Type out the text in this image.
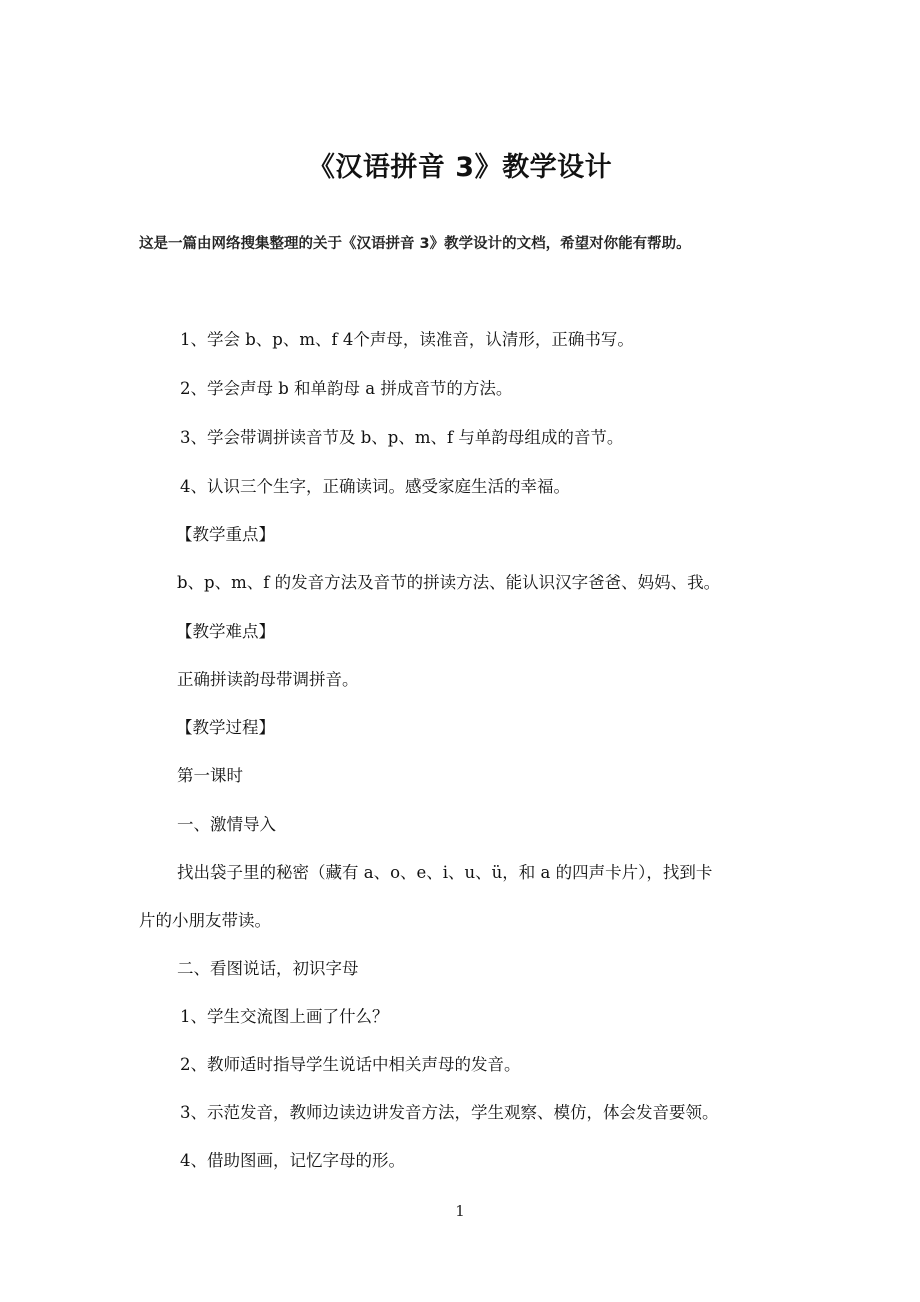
《汉语拼音 3》教学设计
这是一篇由网络搜集整理的关于《汉语拼音 3》教学设计的文档，希望对你能有帮助。
1、学会 b、p、m、f 4个声母，读准音，认清形，正确书写。
2、学会声母 b 和单韵母 a 拼成音节的方法。
3、学会带调拼读音节及 b、p、m、f 与单韵母组成的音节。
4、认识三个生字，正确读词。感受家庭生活的幸福。
【教学重点】
b、p、m、f 的发音方法及音节的拼读方法、能认识汉字爸爸、妈妈、我。
【教学难点】
正确拼读韵母带调拼音。
【教学过程】
第一课时
一、激情导入
找出袋子里的秘密（藏有 a、o、e、i、u、ü，和 a 的四声卡片），找到卡
片的小朋友带读。
二、看图说话，初识字母
1、学生交流图上画了什么？
2、教师适时指导学生说话中相关声母的发音。
3、示范发音，教师边读边讲发音方法，学生观察、模仿，体会发音要领。
4、借助图画，记忆字母的形。
1
